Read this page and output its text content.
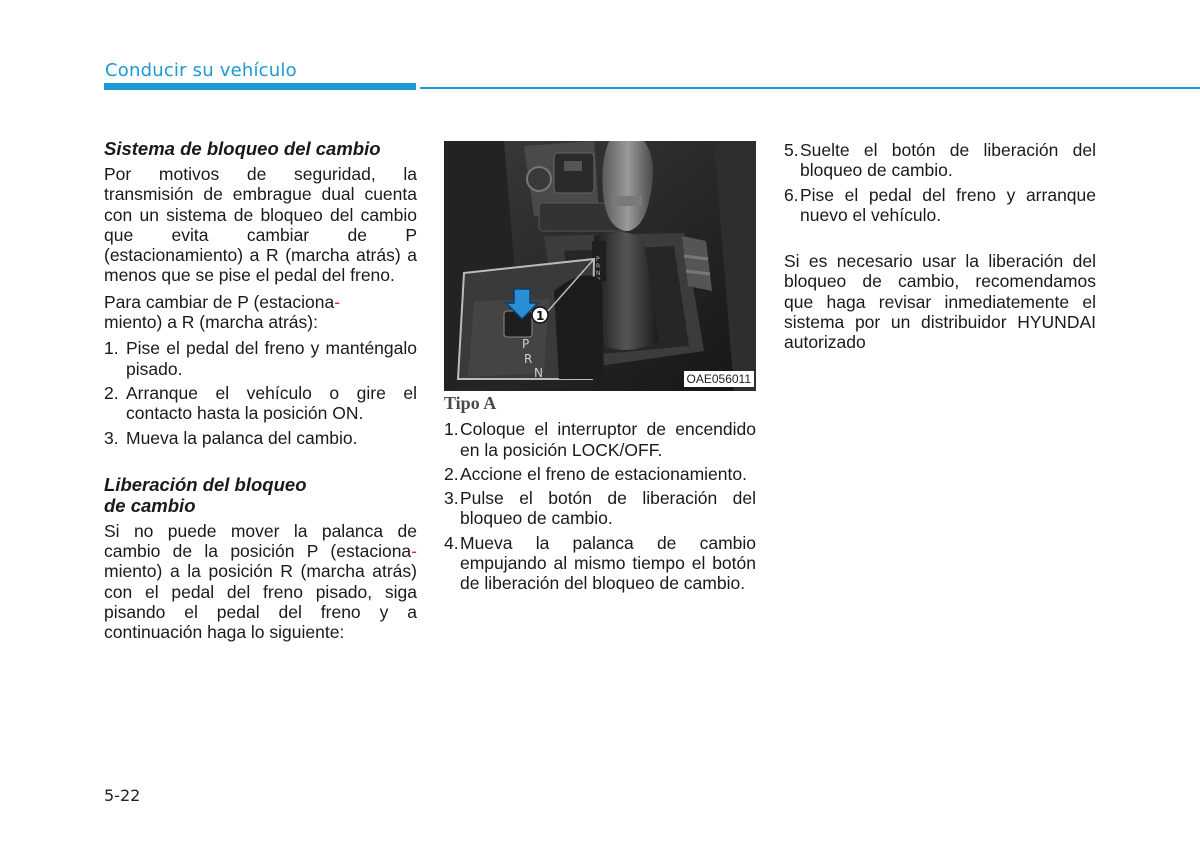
Conducir su vehículo
Sistema de bloqueo del cambio

Por motivos de seguridad, la transmisión de embrague dual cuenta con un sistema de bloqueo del cambio que evita cambiar de P (estacionamiento) a R (marcha atrás) a menos que se pise el pedal del freno.

Para cambiar de P (estaciona-
miento) a R (marcha atrás):

1. Pise el pedal del freno y manténgalo pisado.
2. Arranque el vehículo o gire el contacto hasta la posición ON.
3. Mueva la palanca del cambio.
Liberación del bloqueo
de cambio

Si no puede mover la palanca de cambio de la posición P (estaciona-miento) a la posición R (marcha atrás) con el pedal del freno pisado, siga pisando el pedal del freno y a continuación haga lo siguiente:

P
R
N
P
R
N
1
OAE056011
Tipo A
1. Coloque el interruptor de encendido en la posición LOCK/OFF.
2. Accione el freno de estacionamiento.
3. Pulse el botón de liberación del bloqueo de cambio.
4. Mueva la palanca de cambio empujando al mismo tiempo el botón de liberación del bloqueo de cambio.
5. Suelte el botón de liberación del bloqueo de cambio.
6. Pise el pedal del freno y arranque nuevo el vehículo.

Si es necesario usar la liberación del bloqueo de cambio, recomendamos que haga revisar inmediatemente el sistema por un distribuidor HYUNDAI autorizado

5-22
